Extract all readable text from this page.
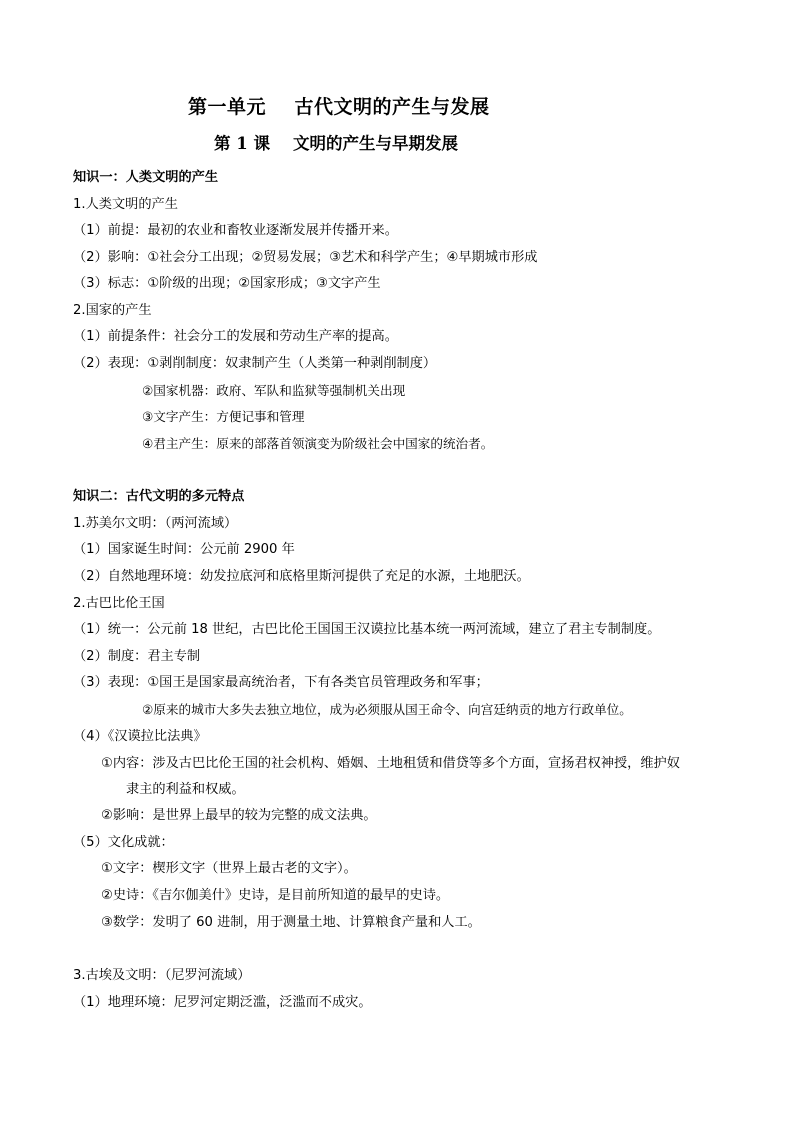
第一单元    古代文明的产生与发展
第 1 课    文明的产生与早期发展
知识一：人类文明的产生
1.人类文明的产生
（1）前提：最初的农业和畜牧业逐渐发展并传播开来。
（2）影响：①社会分工出现；②贸易发展；③艺术和科学产生；④早期城市形成
（3）标志：①阶级的出现；②国家形成；③文字产生
2.国家的产生
（1）前提条件：社会分工的发展和劳动生产率的提高。
（2）表现：①剥削制度：奴隶制产生（人类第一种剥削制度）
②国家机器：政府、军队和监狱等强制机关出现
③文字产生：方便记事和管理
④君主产生：原来的部落首领演变为阶级社会中国家的统治者。
知识二：古代文明的多元特点
1.苏美尔文明：（两河流域）
（1）国家诞生时间：公元前 2900 年
（2）自然地理环境：幼发拉底河和底格里斯河提供了充足的水源，土地肥沃。
2.古巴比伦王国
（1）统一：公元前 18 世纪，古巴比伦王国国王汉谟拉比基本统一两河流域，建立了君主专制制度。
（2）制度：君主专制
（3）表现：①国王是国家最高统治者，下有各类官员管理政务和军事；
②原来的城市大多失去独立地位，成为必须服从国王命令、向宫廷纳贡的地方行政单位。
（4）《汉谟拉比法典》
①内容：涉及古巴比伦王国的社会机构、婚姻、土地租赁和借贷等多个方面，宣扬君权神授，维护奴
隶主的利益和权威。
②影响：是世界上最早的较为完整的成文法典。
（5）文化成就：
①文字：楔形文字（世界上最古老的文字）。
②史诗：《吉尔伽美什》史诗，是目前所知道的最早的史诗。
③数学：发明了 60 进制，用于测量土地、计算粮食产量和人工。
3.古埃及文明：（尼罗河流域）
（1）地理环境：尼罗河定期泛滥，泛滥而不成灾。
